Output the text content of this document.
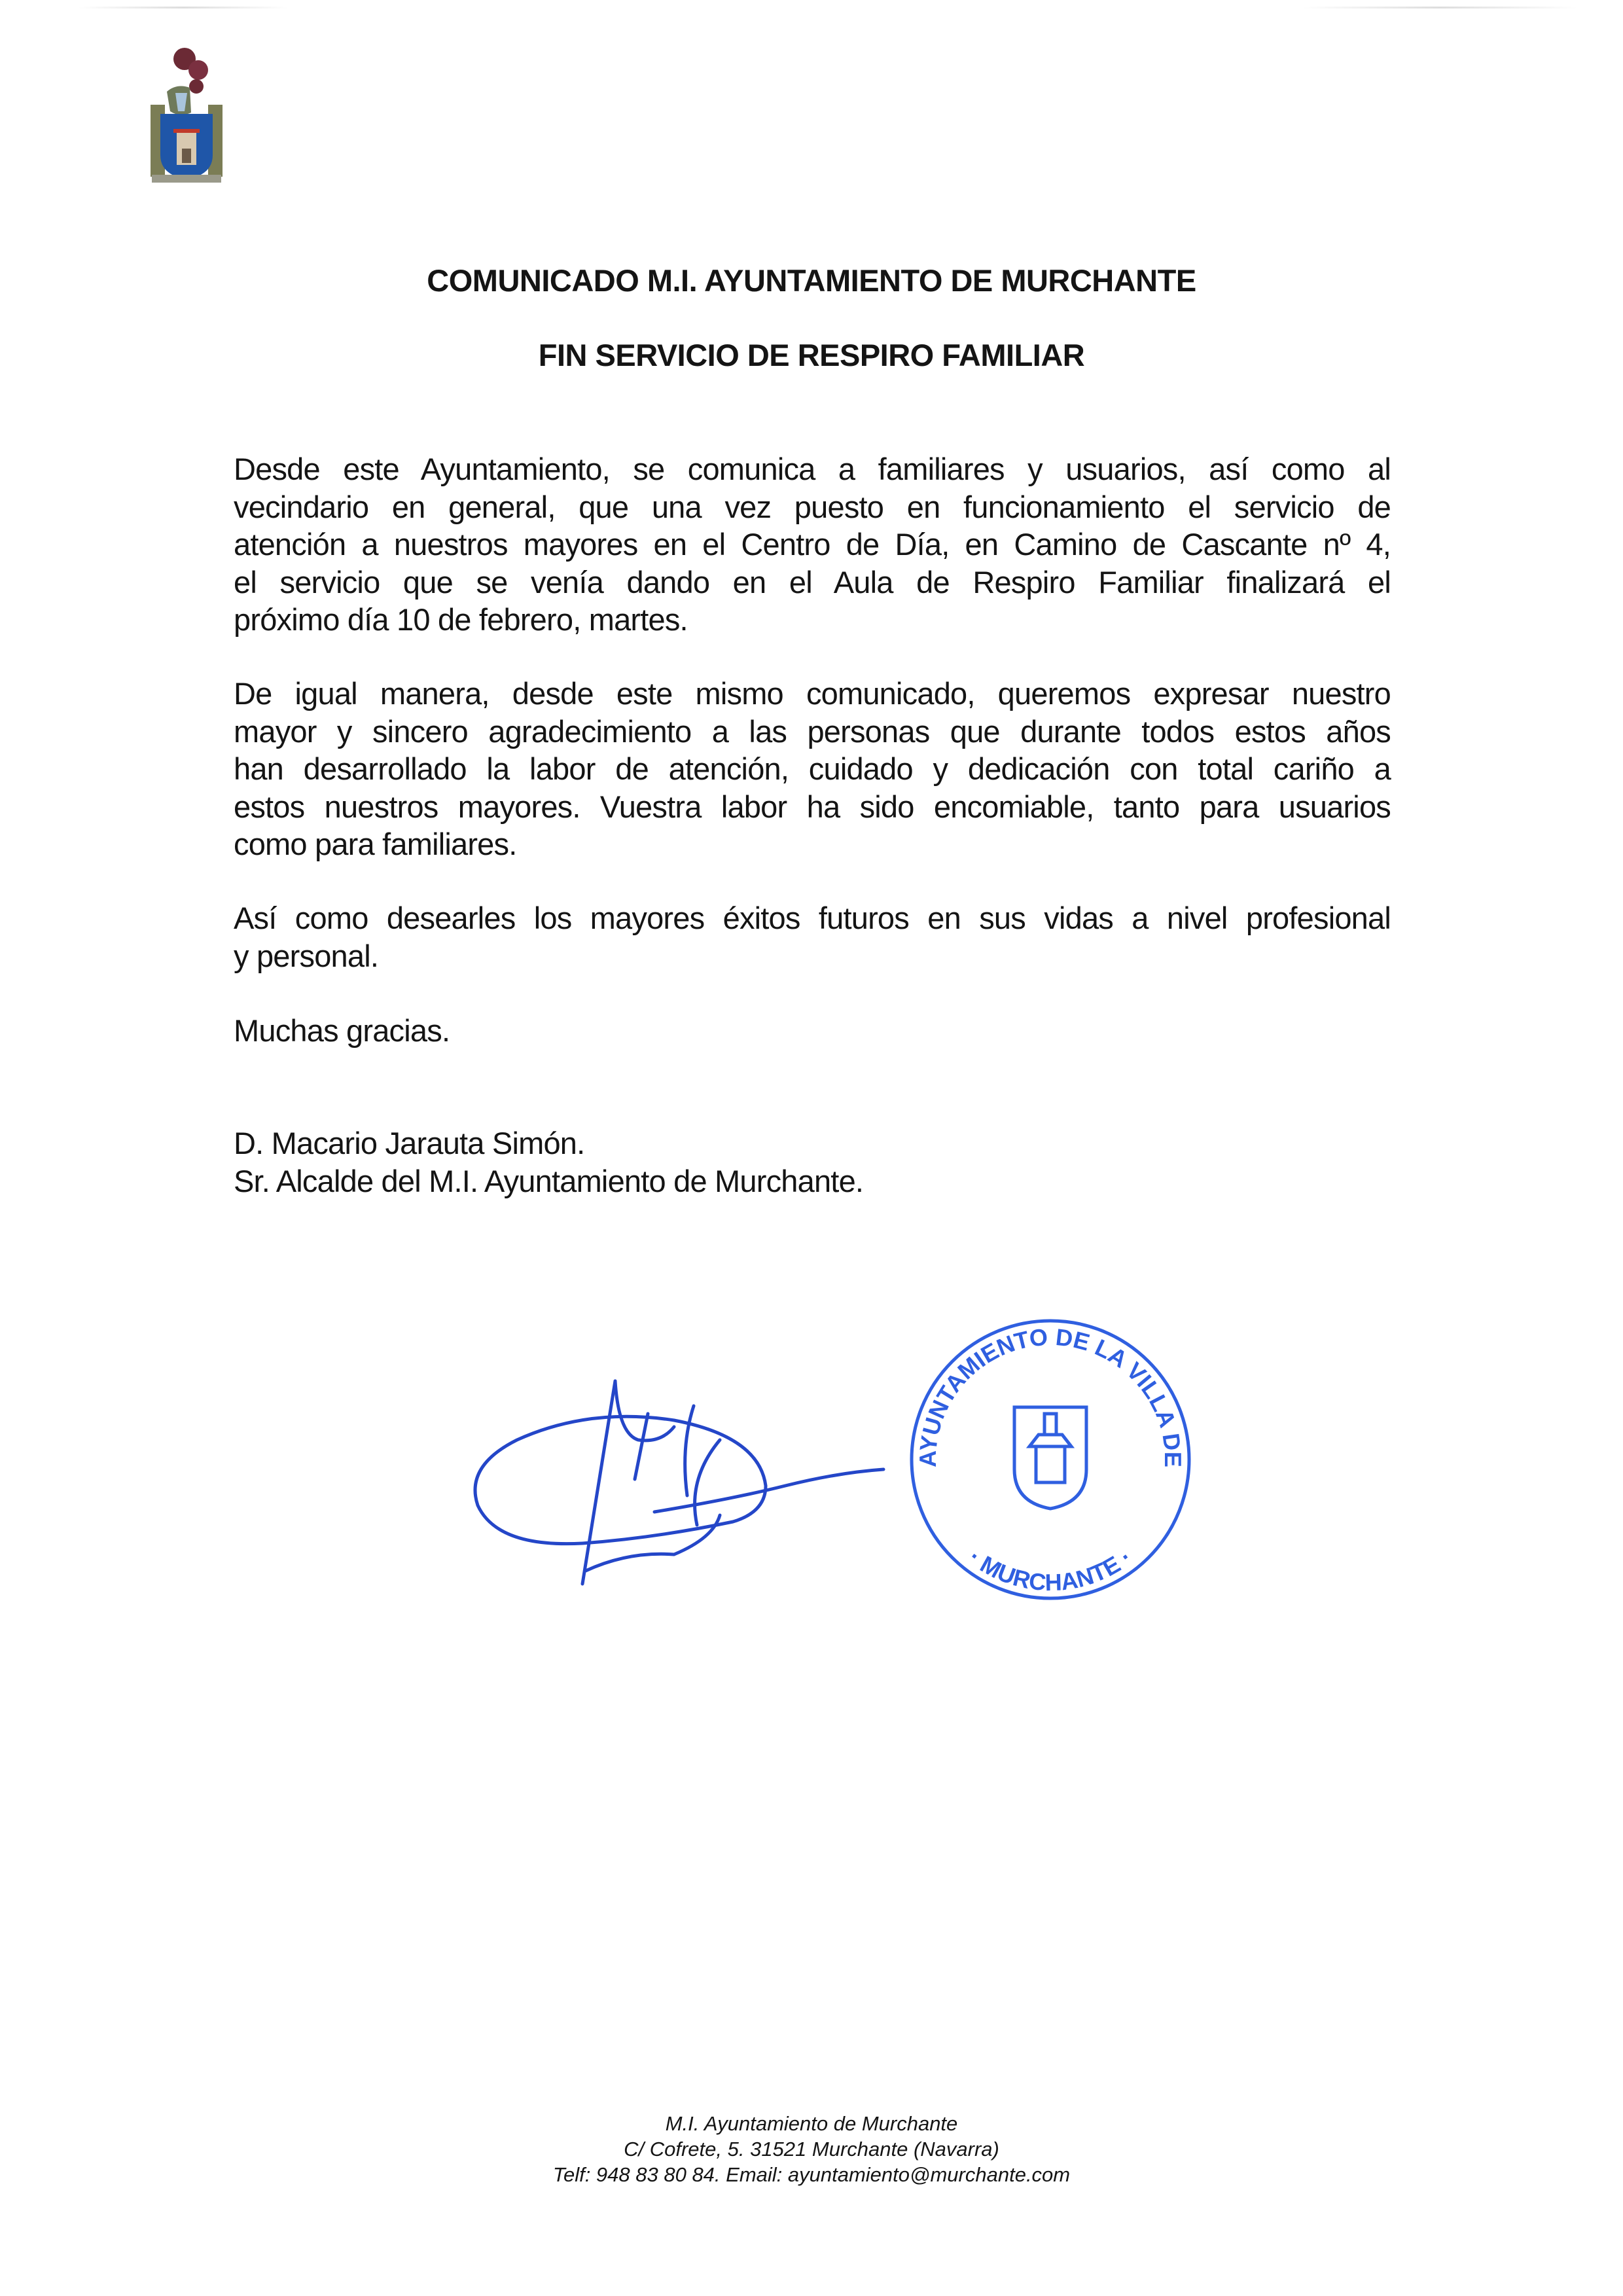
COMUNICADO M.I. AYUNTAMIENTO DE MURCHANTE
FIN SERVICIO DE RESPIRO FAMILIAR
Desde este Ayuntamiento, se comunica a familiares y usuarios, así como al
vecindario en general, que una vez puesto en funcionamiento el servicio de
atención a nuestros mayores en el Centro de Día, en Camino de Cascante nº 4,
el servicio que se venía dando en el Aula de Respiro Familiar finalizará el
próximo día 10 de febrero, martes.
De igual manera, desde este mismo comunicado, queremos expresar nuestro
mayor y sincero agradecimiento a las personas que durante todos estos años
han desarrollado la labor de atención, cuidado y dedicación con total cariño a
estos nuestros mayores. Vuestra labor ha sido encomiable, tanto para usuarios
como para familiares.
Así como desearles los mayores éxitos futuros en sus vidas a nivel profesional
y personal.
Muchas gracias.
D. Macario Jarauta Simón.
Sr. Alcalde del M.I. Ayuntamiento de Murchante.
AYUNTAMIENTO DE LA VILLA DE
· MURCHANTE ·
M.I. Ayuntamiento de Murchante
C/ Cofrete, 5. 31521 Murchante (Navarra)
Telf: 948 83 80 84. Email: ayuntamiento@murchante.com
